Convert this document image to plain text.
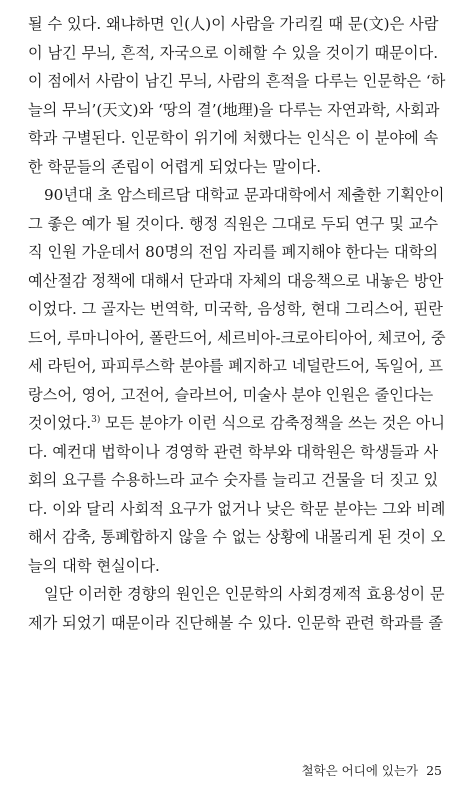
될 수 있다. 왜냐하면 인(人)이 사람을 가리킬 때 문(文)은 사람
이 남긴 무늬, 흔적, 자국으로 이해할 수 있을 것이기 때문이다.
이 점에서 사람이 남긴 무늬, 사람의 흔적을 다루는 인문학은 ‘하
늘의 무늬’(天文)와 ‘땅의 결’(地理)을 다루는 자연과학, 사회과
학과 구별된다. 인문학이 위기에 처했다는 인식은 이 분야에 속
한 학문들의 존립이 어렵게 되었다는 말이다.
90년대 초 암스테르담 대학교 문과대학에서 제출한 기획안이
그 좋은 예가 될 것이다. 행정 직원은 그대로 두되 연구 및 교수
직 인원 가운데서 80명의 전임 자리를 폐지해야 한다는 대학의
예산절감 정책에 대해서 단과대 자체의 대응책으로 내놓은 방안
이었다. 그 골자는 번역학, 미국학, 음성학, 현대 그리스어, 핀란
드어, 루마니아어, 폴란드어, 세르비아-크로아티아어, 체코어, 중
세 라틴어, 파피루스학 분야를 폐지하고 네덜란드어, 독일어, 프
랑스어, 영어, 고전어, 슬라브어, 미술사 분야 인원은 줄인다는
것이었다.$^{3)}$ 모든 분야가 이런 식으로 감축정책을 쓰는 것은 아니
다. 예컨대 법학이나 경영학 관련 학부와 대학원은 학생들과 사
회의 요구를 수용하느라 교수 숫자를 늘리고 건물을 더 짓고 있
다. 이와 달리 사회적 요구가 없거나 낮은 학문 분야는 그와 비례
해서 감축, 통폐합하지 않을 수 없는 상황에 내몰리게 된 것이 오
늘의 대학 현실이다.
일단 이러한 경향의 원인은 인문학의 사회경제적 효용성이 문
제가 되었기 때문이라 진단해볼 수 있다. 인문학 관련 학과를 졸
철학은 어디에 있는가 25
